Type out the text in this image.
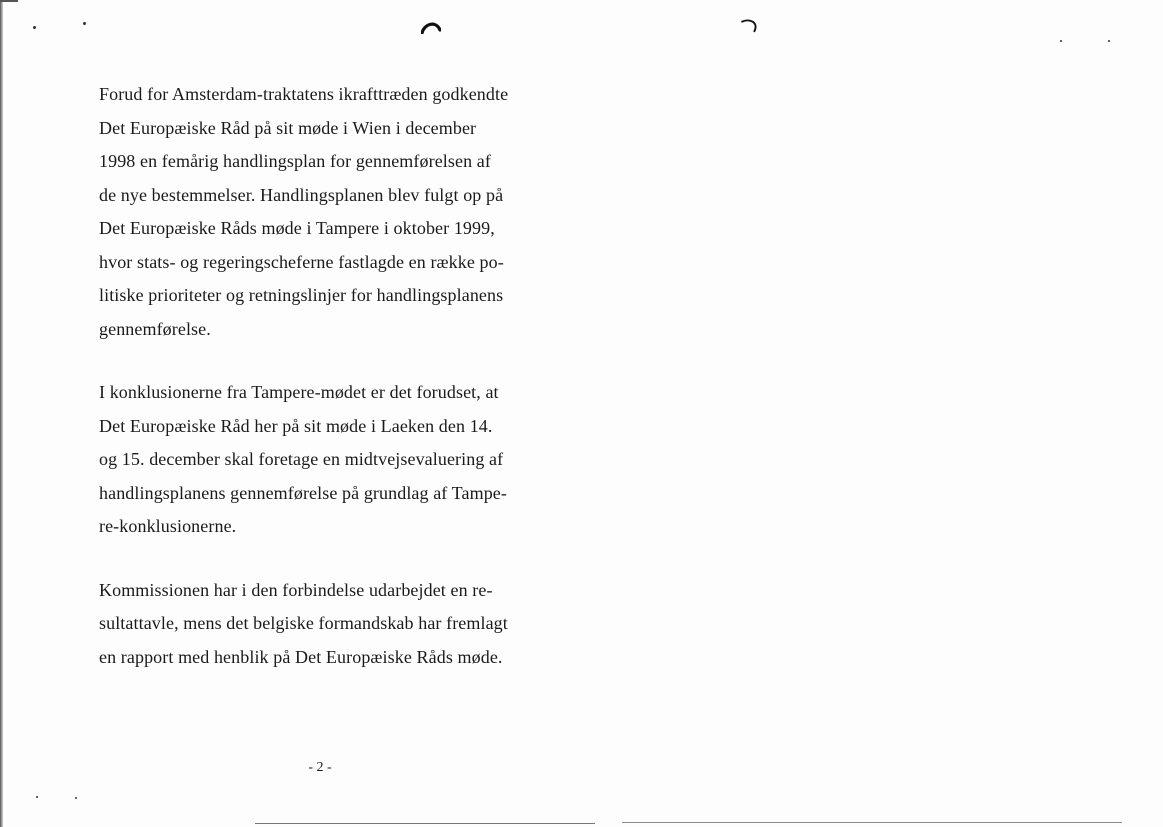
Forud for Amsterdam-traktatens ikrafttræden godkendte
Det Europæiske Råd på sit møde i Wien i december
1998 en femårig handlingsplan for gennemførelsen af
de nye bestemmelser. Handlingsplanen blev fulgt op på
Det Europæiske Råds møde i Tampere i oktober 1999,
hvor stats- og regeringscheferne fastlagde en række po-
litiske prioriteter og retningslinjer for handlingsplanens
gennemførelse.

I konklusionerne fra Tampere-mødet er det forudset, at
Det Europæiske Råd her på sit møde i Laeken den 14.
og 15. december skal foretage en midtvejsevaluering af
handlingsplanens gennemførelse på grundlag af Tampe-
re-konklusionerne.

Kommissionen har i den forbindelse udarbejdet en re-
sultattavle, mens det belgiske formandskab har fremlagt
en rapport med henblik på Det Europæiske Råds møde.

- 2 -
